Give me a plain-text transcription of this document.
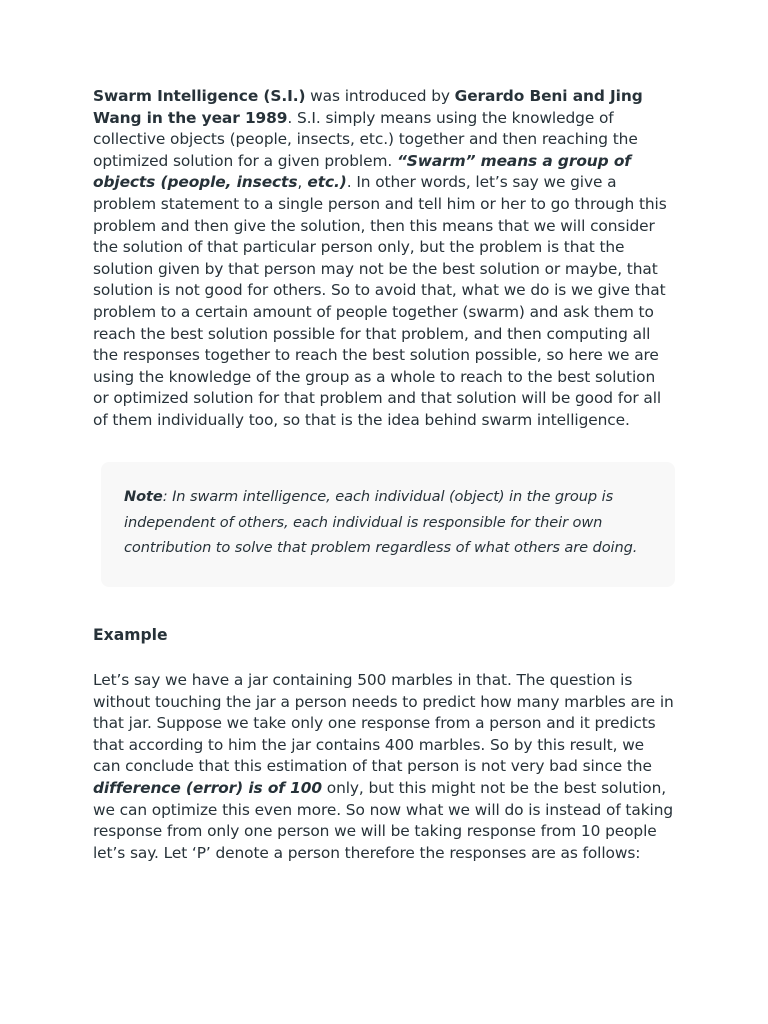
Swarm Intelligence (S.I.) was introduced by Gerardo Beni and Jing Wang in the year 1989. S.I. simply means using the knowledge of collective objects (people, insects, etc.) together and then reaching the optimized solution for a given problem. “Swarm” means a group of objects (people, insects, etc.). In other words, let’s say we give a problem statement to a single person and tell him or her to go through this problem and then give the solution, then this means that we will consider the solution of that particular person only, but the problem is that the solution given by that person may not be the best solution or maybe, that solution is not good for others. So to avoid that, what we do is we give that problem to a certain amount of people together (swarm) and ask them to reach the best solution possible for that problem, and then computing all the responses together to reach the best solution possible, so here we are using the knowledge of the group as a whole to reach to the best solution or optimized solution for that problem and that solution will be good for all of them individually too, so that is the idea behind swarm intelligence.

Note: In swarm intelligence, each individual (object) in the group is independent of others, each individual is responsible for their own contribution to solve that problem regardless of what others are doing.
Example

Let’s say we have a jar containing 500 marbles in that. The question is without touching the jar a person needs to predict how many marbles are in that jar. Suppose we take only one response from a person and it predicts that according to him the jar contains 400 marbles. So by this result, we can conclude that this estimation of that person is not very bad since the difference (error) is of 100 only, but this might not be the best solution, we can optimize this even more. So now what we will do is instead of taking response from only one person we will be taking response from 10 people let’s say. Let ‘P’ denote a person therefore the responses are as follows:
